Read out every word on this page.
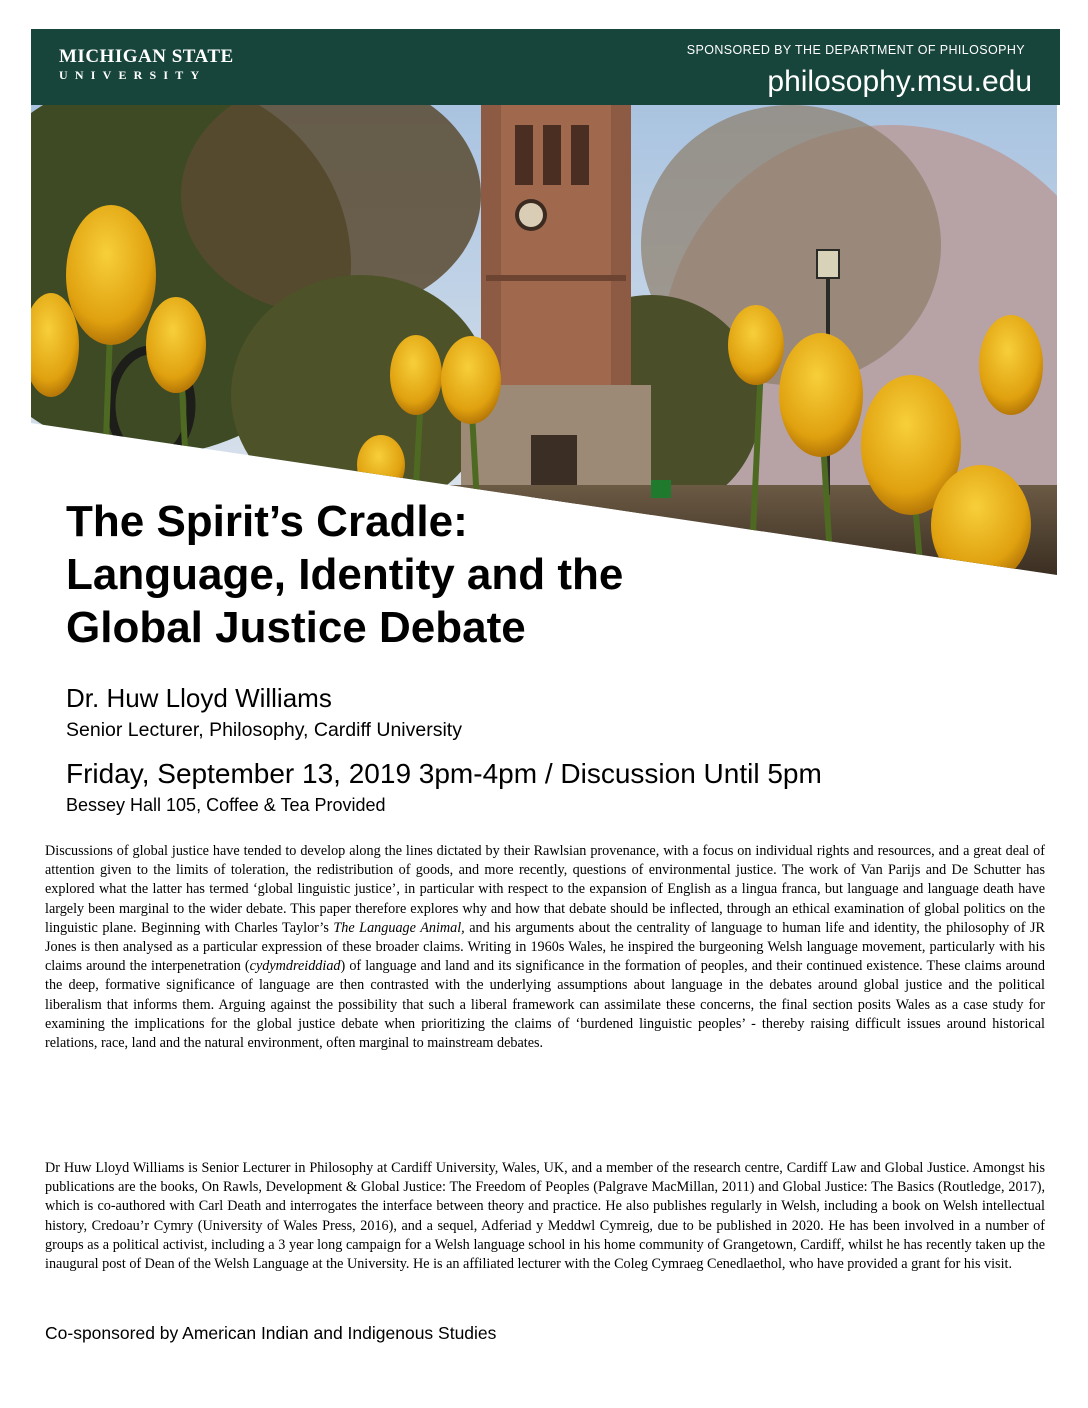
MICHIGAN STATE
UNIVERSITY
SPONSORED BY THE DEPARTMENT OF PHILOSOPHY
philosophy.msu.edu
The Spirit’s Cradle:
Language, Identity and the
Global Justice Debate
Dr. Huw Lloyd Williams
Senior Lecturer, Philosophy, Cardiff University
Friday, September 13, 2019 3pm-4pm / Discussion Until 5pm
Bessey Hall 105, Coffee & Tea Provided
Discussions of global justice have tended to develop along the lines dictated by their Rawlsian provenance, with a focus on individual rights and resources, and a great deal of attention given to the limits of toleration, the redistribution of goods, and more recently, questions of environmental justice. The work of Van Parijs and De Schutter has explored what the latter has termed ‘global linguistic justice’, in particular with respect to the expansion of English as a lingua franca, but language and language death have largely been marginal to the wider debate. This paper therefore explores why and how that debate should be inflected, through an ethical examination of global politics on the linguistic plane. Beginning with Charles Taylor’s The Language Animal, and his arguments about the centrality of language to human life and identity, the philosophy of JR Jones is then analysed as a particular expression of these broader claims. Writing in 1960s Wales, he inspired the burgeoning Welsh language movement, particularly with his claims around the interpenetration (cydymdreiddiad) of language and land and its significance in the formation of peoples, and their continued existence. These claims around the deep, formative significance of language are then contrasted with the underlying assumptions about language in the debates around global justice and the political liberalism that informs them. Arguing against the possibility that such a liberal framework can assimilate these concerns, the final section posits Wales as a case study for examining the implications for the global justice debate when prioritizing the claims of ‘burdened linguistic peoples’ - thereby raising difficult issues around historical relations, race, land and the natural environment, often marginal to mainstream debates.
Dr Huw Lloyd Williams is Senior Lecturer in Philosophy at Cardiff University, Wales, UK, and a member of the research centre, Cardiff Law and Global Justice. Amongst his publications are the books, On Rawls, Development & Global Justice: The Freedom of Peoples (Palgrave MacMillan, 2011) and Global Justice: The Basics (Routledge, 2017), which is co-authored with Carl Death and interrogates the interface between theory and practice. He also publishes regularly in Welsh, including a book on Welsh intellectual history, Credoau’r Cymry (University of Wales Press, 2016), and a sequel, Adferiad y Meddwl Cymreig, due to be published in 2020. He has been involved in a number of groups as a political activist, including a 3 year long campaign for a Welsh language school in his home community of Grangetown, Cardiff, whilst he has recently taken up the inaugural post of Dean of the Welsh Language at the University. He is an affiliated lecturer with the Coleg Cymraeg Cenedlaethol, who have provided a grant for his visit.
Co-sponsored by American Indian and Indigenous Studies
